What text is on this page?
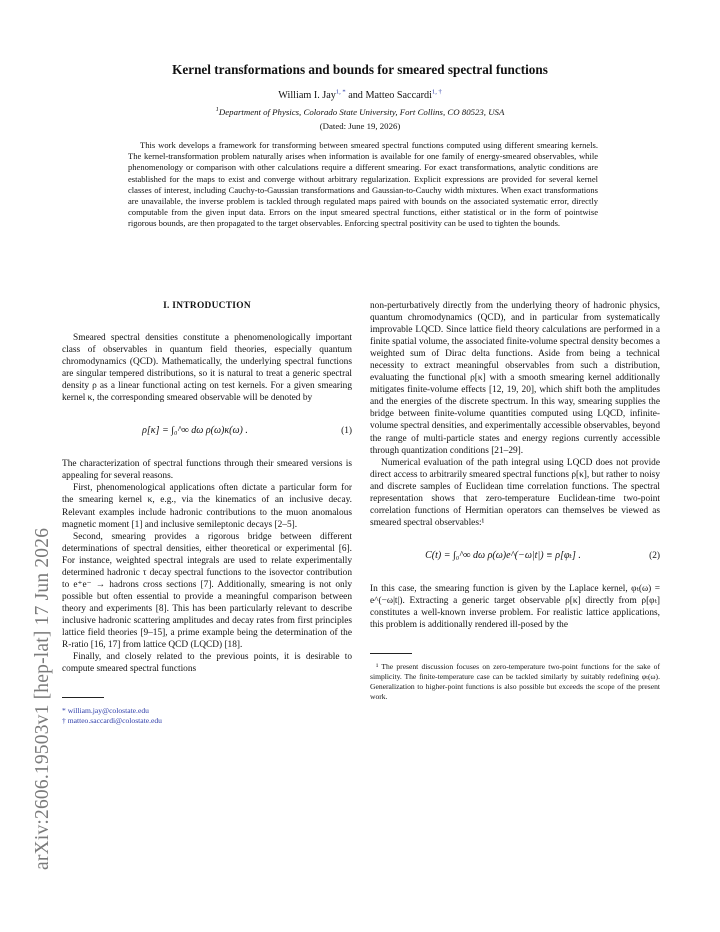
arXiv:2606.19503v1 [hep-lat] 17 Jun 2026
Kernel transformations and bounds for smeared spectral functions
William I. Jay$^{1, *}$ and Matteo Saccardi$^{1, \dagger}$
$^1$Department of Physics, Colorado State University, Fort Collins, CO 80523, USA
(Dated: June 19, 2026)

This work develops a framework for transforming between smeared spectral functions computed using different smearing kernels. The kernel-transformation problem naturally arises when information is available for one family of energy-smeared observables, while phenomenology or comparison with other calculations require a different smearing. For exact transformations, analytic conditions are established for the maps to exist and converge without arbitrary regularization. Explicit expressions are provided for several kernel classes of interest, including Cauchy-to-Gaussian transformations and Gaussian-to-Cauchy width mixtures. When exact transformations are unavailable, the inverse problem is tackled through regulated maps paired with bounds on the associated systematic error, directly computable from the given input data. Errors on the input smeared spectral functions, either statistical or in the form of pointwise rigorous bounds, are then propagated to the target observables. Enforcing spectral positivity can be used to tighten the bounds.

I. INTRODUCTION

Smeared spectral densities constitute a phenomenologically important class of observables in quantum field theories, especially quantum chromodynamics (QCD). Mathematically, the underlying spectral functions are singular tempered distributions, so it is natural to treat a generic spectral density ρ as a linear functional acting on test kernels. For a given smearing kernel κ, the corresponding smeared observable will be denoted by

ρ[κ] = ∫₀^∞ dω ρ(ω)κ(ω) .	(1)

The characterization of spectral functions through their smeared versions is appealing for several reasons.

First, phenomenological applications often dictate a particular form for the smearing kernel κ, e.g., via the kinematics of an inclusive decay. Relevant examples include hadronic contributions to the muon anomalous magnetic moment [1] and inclusive semileptonic decays [2–5].

Second, smearing provides a rigorous bridge between different determinations of spectral densities, either theoretical or experimental [6]. For instance, weighted spectral integrals are used to relate experimentally determined hadronic τ decay spectral functions to the isovector contribution to e⁺e⁻ → hadrons cross sections [7]. Additionally, smearing is not only possible but often essential to provide a meaningful comparison between theory and experiments [8]. This has been particularly relevant to describe inclusive hadronic scattering amplitudes and decay rates from first principles lattice field theories [9–15], a prime example being the determination of the R-ratio [16, 17] from lattice QCD (LQCD) [18].

Finally, and closely related to the previous points, it is desirable to compute smeared spectral functions

* william.jay@colostate.edu
† matteo.saccardi@colostate.edu

non-perturbatively directly from the underlying theory of hadronic physics, quantum chromodynamics (QCD), and in particular from systematically improvable LQCD. Since lattice field theory calculations are performed in a finite spatial volume, the associated finite-volume spectral density becomes a weighted sum of Dirac delta functions. Aside from being a technical necessity to extract meaningful observables from such a distribution, evaluating the functional ρ[κ] with a smooth smearing kernel additionally mitigates finite-volume effects [12, 19, 20], which shift both the amplitudes and the energies of the discrete spectrum. In this way, smearing supplies the bridge between finite-volume quantities computed using LQCD, infinite-volume spectral densities, and experimentally accessible observables, beyond the range of multi-particle states and energy regions currently accessible through quantization conditions [21–29].

Numerical evaluation of the path integral using LQCD does not provide direct access to arbitrarily smeared spectral functions ρ[κ], but rather to noisy and discrete samples of Euclidean time correlation functions. The spectral representation shows that zero-temperature Euclidean-time two-point correlation functions of Hermitian operators can themselves be viewed as smeared spectral observables:¹

C(t) = ∫₀^∞ dω ρ(ω)e^(−ω|t|) ≡ ρ[φₜ] .	(2)

In this case, the smearing function is given by the Laplace kernel, φₜ(ω) = e^(−ω|t|). Extracting a generic target observable ρ[κ] directly from ρ[φₜ] constitutes a well-known inverse problem. For realistic lattice applications, this problem is additionally rendered ill-posed by the

¹ The present discussion focuses on zero-temperature two-point functions for the sake of simplicity. The finite-temperature case can be tackled similarly by suitably redefining φₜ(ω). Generalization to higher-point functions is also possible but exceeds the scope of the present work.
